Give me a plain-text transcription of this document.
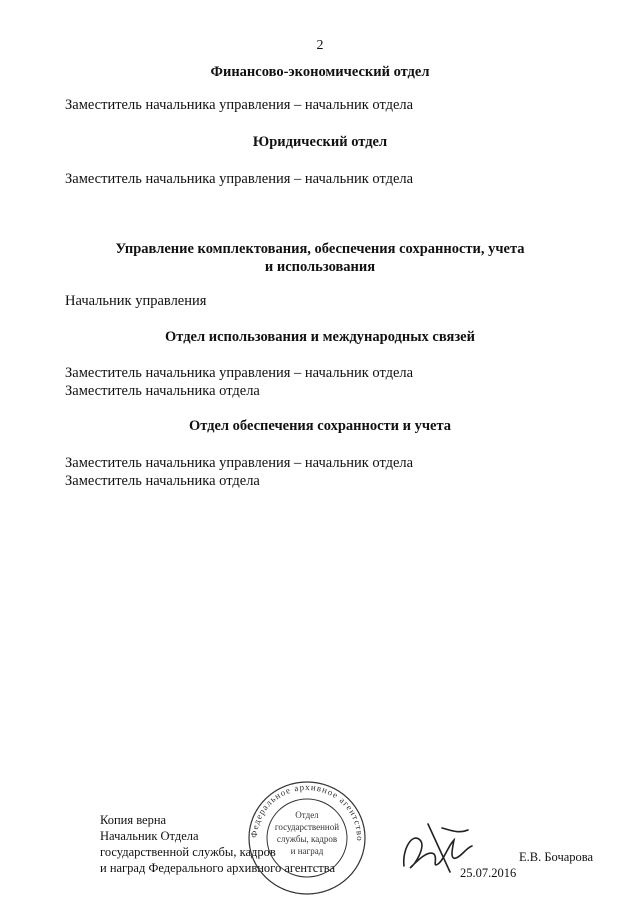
2
Финансово-экономический отдел
Заместитель начальника управления – начальник отдела
Юридический отдел
Заместитель начальника управления – начальник отдела
Управление комплектования, обеспечения сохранности, учета
и использования
Начальник управления
Отдел использования и международных связей
Заместитель начальника управления – начальник отдела
Заместитель начальника отдела
Отдел обеспечения сохранности и учета
Заместитель начальника управления – начальник отдела
Заместитель начальника отдела
Копия верна
Начальник Отдела
государственной службы, кадров
и наград Федерального архивного агентства
Федеральное архивное агентство
Отдел
государственной
службы, кадров
и наград
25.07.2016
Е.В. Бочарова
